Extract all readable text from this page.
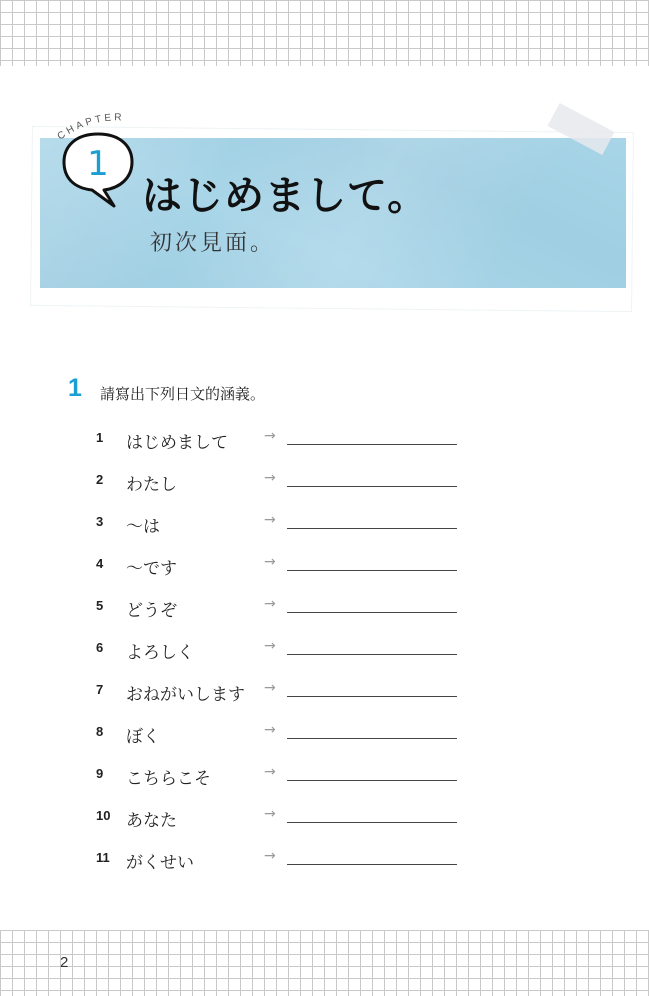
CHAPTER
1
はじめまして。
初次見面。
1 請寫出下列日文的涵義。
1 はじめまして	→
2 わたし	→
3 ～は	→
4 ～です	→
5 どうぞ	→
6 よろしく	→
7 おねがいします →
8 ぼく	→
9 こちらこそ	→
10 あなた	→
11 がくせい	→
2
